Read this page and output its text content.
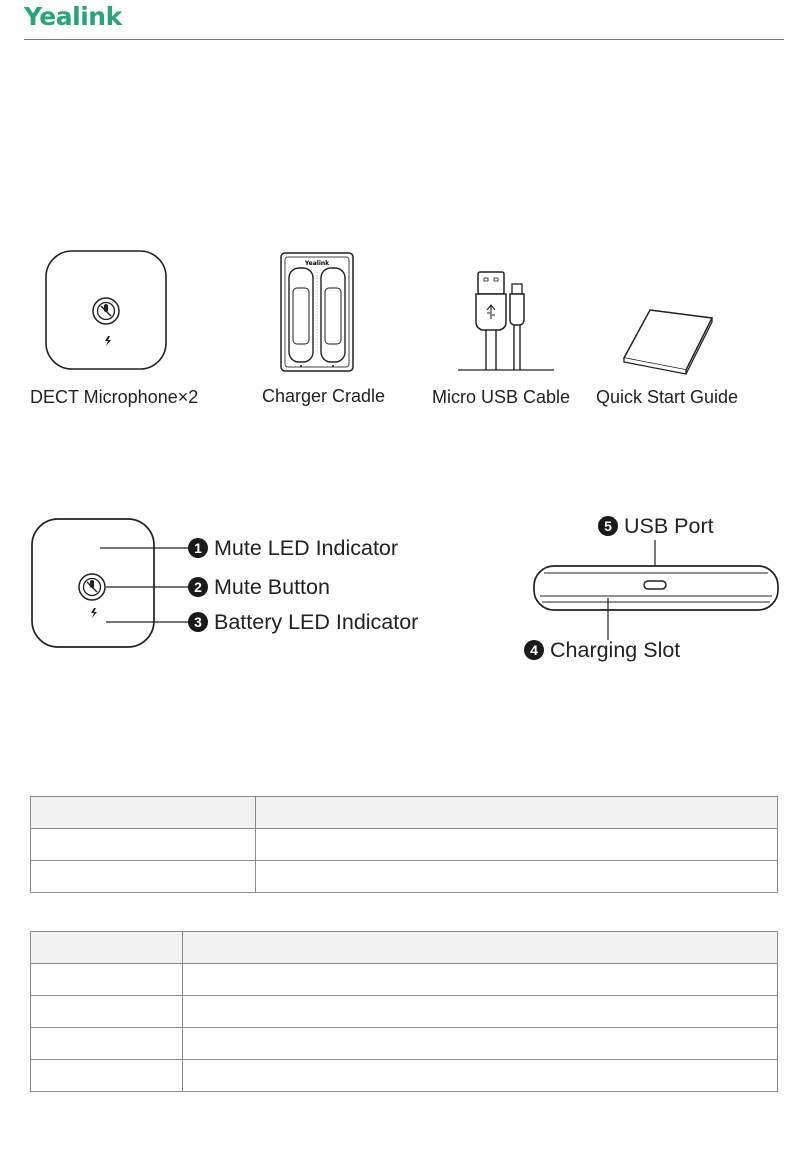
Yealink
Yealink
DECT Microphone×2	Charger Cradle	Micro USB Cable Quick Start Guide
1 Mute LED Indicator
2 Mute Button
3 Battery LED Indicator
5 USB Port
4 Charging Slot
